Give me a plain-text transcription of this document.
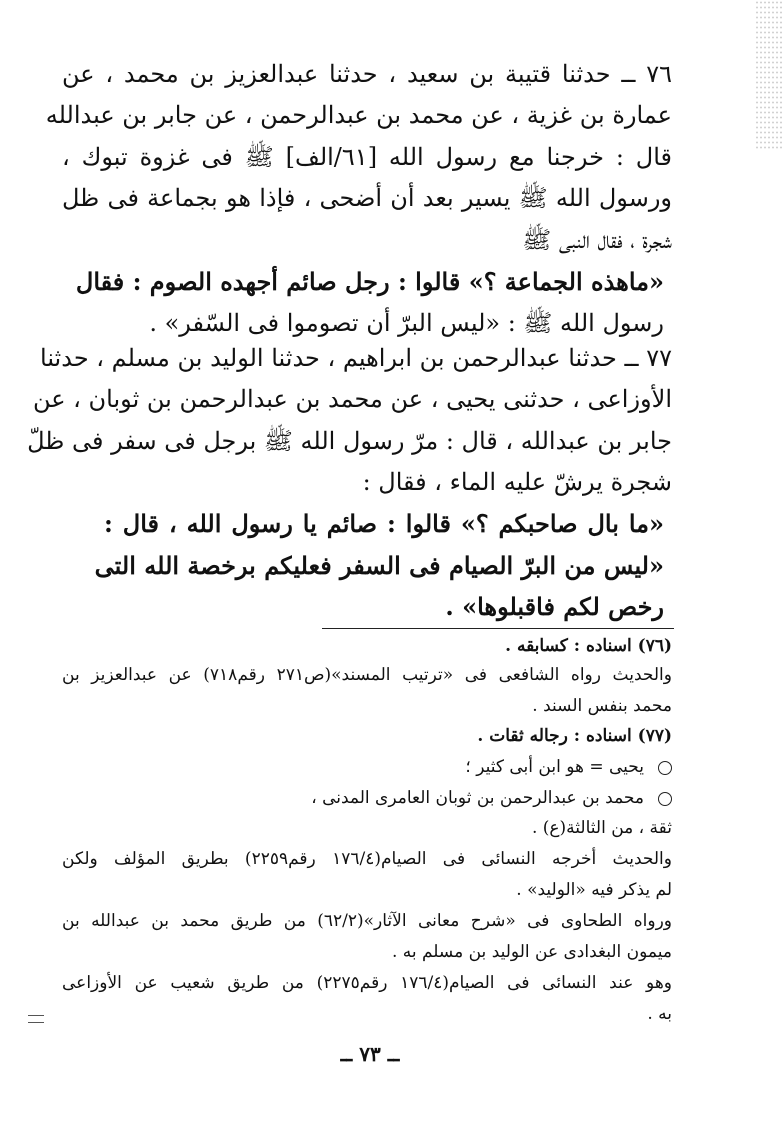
٧٦ ــ حدثنا قتيبة بن سعيد ، حدثنا عبدالعزيز بن محمد ، عن
عمارة بن غزية ، عن محمد بن عبدالرحمن ، عن جابر بن عبدالله
قال : خرجنا مع رسول الله [٦١/الف] ﷺ فى غزوة تبوك ،
ورسول الله ﷺ يسير بعد أن أضحى ، فإذا هو بجماعة فى ظل
شجرة ، فقال النبى ﷺ
«ماهذه الجماعة ؟» قالوا : رجل صائم أجهده الصوم : فقال
رسول الله ﷺ : «ليس البرّ أن تصوموا فى السّفر» .
٧٧ ــ حدثنا عبدالرحمن بن ابراهيم ، حدثنا الوليد بن مسلم ، حدثنا
الأوزاعى ، حدثنى يحيى ، عن محمد بن عبدالرحمن بن ثوبان ، عن
جابر بن عبدالله ، قال : مرّ رسول الله ﷺ برجل فى سفر فى ظلّ
شجرة يرشّ عليه الماء ، فقال :
«ما بال صاحبكم ؟» قالوا : صائم يا رسول الله ، قال :
«ليس من البرّ الصيام فى السفر فعليكم برخصة الله التى
رخص لكم فاقبلوها» .
(٧٦) اسناده : كسابقه .
والحديث رواه الشافعى فى «ترتيب المسند»(ص٢٧١ رقم٧١٨) عن عبدالعزيز بن
محمد بنفس السند .
(٧٧) اسناده : رجاله ثقات .
يحيى = هو ابن أبى كثير ؛
محمد بن عبدالرحمن بن ثوبان العامرى المدنى ،
ثقة ، من الثالثة(ع) .
والحديث أخرجه النسائى فى الصيام(١٧٦/٤ رقم٢٢٥٩) بطريق المؤلف ولكن
لم يذكر فيه «الوليد» .
ورواه الطحاوى فى «شرح معانى الآثار»(٦٢/٢) من طريق محمد بن عبدالله بن
ميمون البغدادى عن الوليد بن مسلم به .
وهو عند النسائى فى الصيام(١٧٦/٤ رقم٢٢٧٥) من طريق شعيب عن الأوزاعى
به .
ــ ٧٣ ــ
